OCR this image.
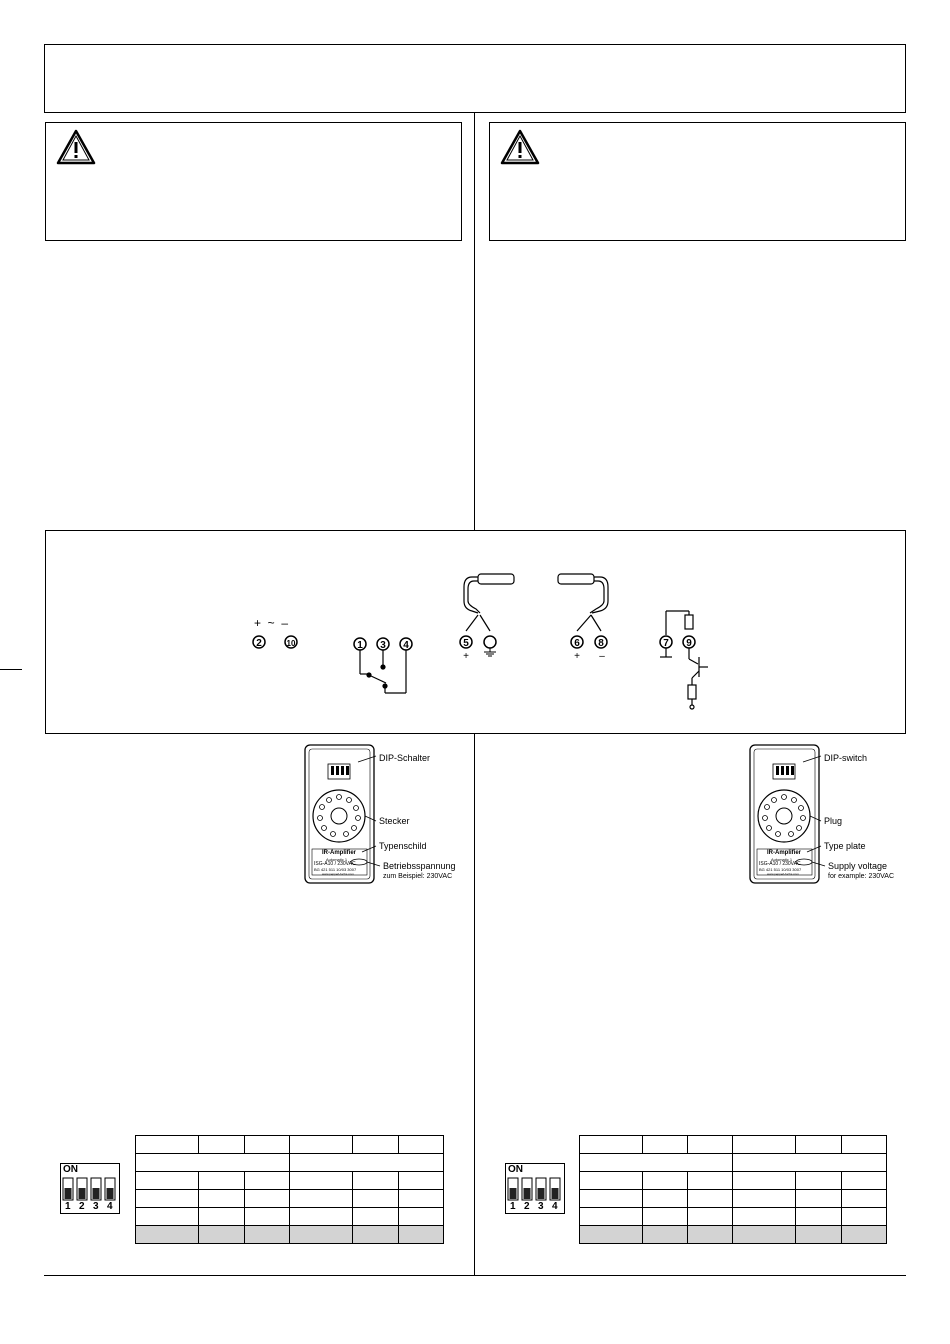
+  ~  –
2	10	1 3 4	5
+
6 8
+ –
7 9
IR-Amplifier
Automatic 1
ISG-A10 / 230VAC
BG 421 511 10/03 3007
www.pepperl-fuchs.com
DIP-Schalter
Stecker
Typenschild
Betriebsspannung
zum Beispiel: 230VAC
IR-Amplifier
Automatic 1
ISG-A10 / 230VAC
BG 421 511 10/03 3007
www.pepperl-fuchs.com
DIP-switch
Plug
Type plate
Supply voltage
for example: 230VAC
ON
1 2 3 4
ON
1 2 3 4
